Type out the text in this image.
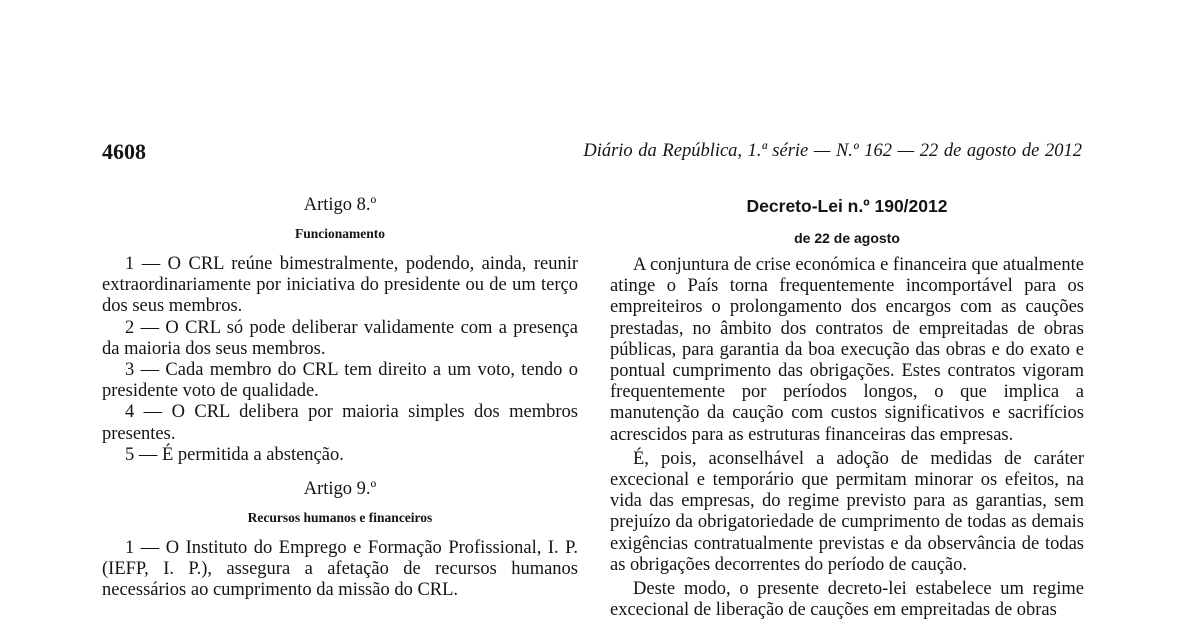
4608	Diário da República, 1.ª série — N.º 162 — 22 de agosto de 2012
Artigo 8.º
Funcionamento

1 — O CRL reúne bimestralmente, podendo, ainda, reunir extraordinariamente por iniciativa do presidente ou de um terço dos seus membros.

2 — O CRL só pode deliberar validamente com a presença da maioria dos seus membros.

3 — Cada membro do CRL tem direito a um voto, tendo o presidente voto de qualidade.

4 — O CRL delibera por maioria simples dos membros presentes.

5 — É permitida a abstenção.

Artigo 9.º
Recursos humanos e financeiros

1 — O Instituto do Emprego e Formação Profissional, I. P. (IEFP, I. P.), assegura a afetação de recursos humanos necessários ao cumprimento da missão do CRL.

Decreto-Lei n.º 190/2012
de 22 de agosto

A conjuntura de crise económica e financeira que atualmente atinge o País torna frequentemente incomportável para os empreiteiros o prolongamento dos encargos com as cauções prestadas, no âmbito dos contratos de empreitadas de obras públicas, para garantia da boa execução das obras e do exato e pontual cumprimento das obrigações. Estes contratos vigoram frequentemente por períodos longos, o que implica a manutenção da caução com custos significativos e sacrifícios acrescidos para as estruturas financeiras das empresas.

É, pois, aconselhável a adoção de medidas de caráter excecional e temporário que permitam minorar os efeitos, na vida das empresas, do regime previsto para as garantias, sem prejuízo da obrigatoriedade de cumprimento de todas as demais exigências contratualmente previstas e da observância de todas as obrigações decorrentes do período de caução.

Deste modo, o presente decreto-lei estabelece um regime excecional de liberação de cauções em empreitadas de obras
